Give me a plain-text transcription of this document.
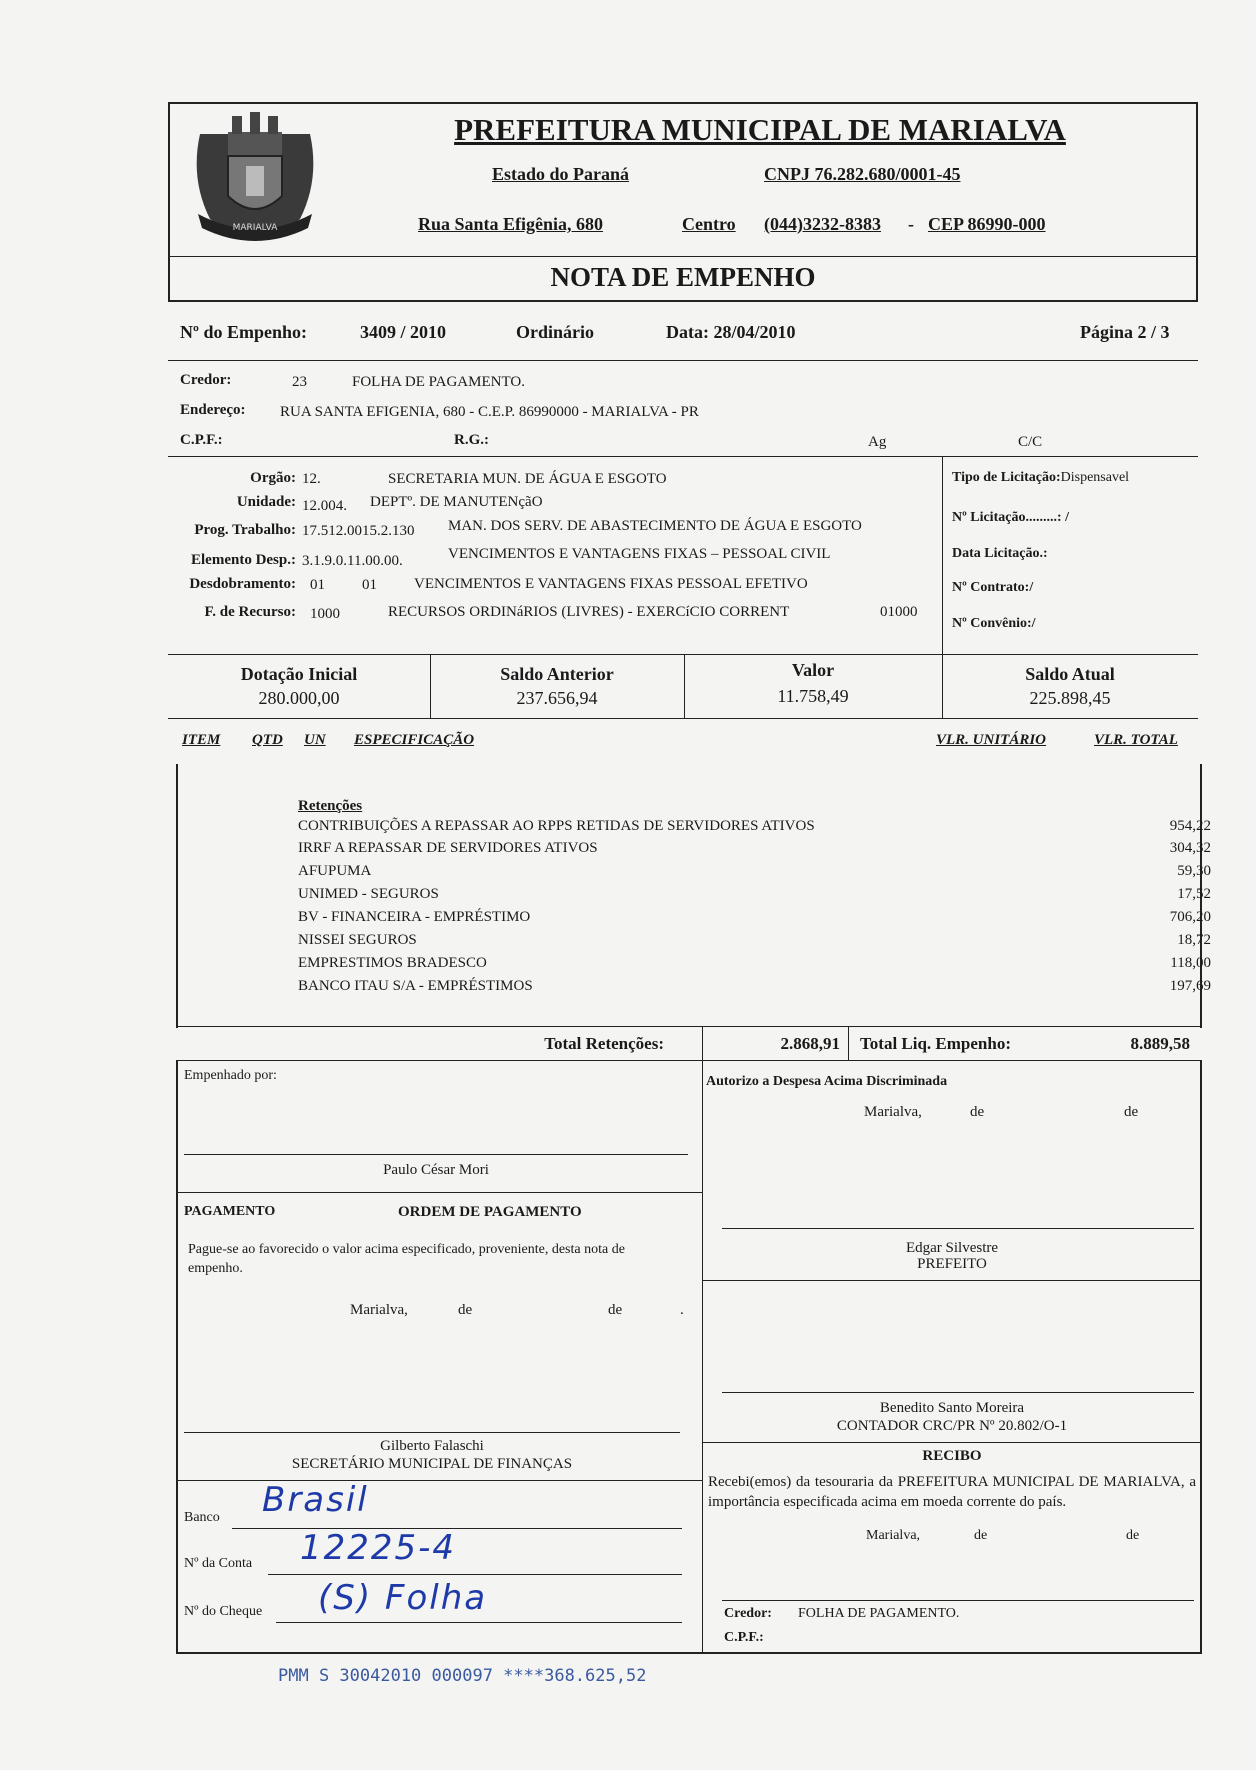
MARIALVA
PREFEITURA MUNICIPAL DE MARIALVA
Estado do Paraná	CNPJ 76.282.680/0001-45
Rua Santa Efigênia, 680	Centro (044)3232-8383 - CEP 86990-000
NOTA DE EMPENHO
Nº do Empenho:	3409 / 2010	Ordinário	Data: 28/04/2010	Página 2 / 3
Credor:	23	FOLHA DE PAGAMENTO.
Endereço: RUA SANTA EFIGENIA, 680 - C.E.P. 86990000 - MARIALVA - PR
C.P.F.:	R.G.:	Ag	C/C
Orgão: 12.	SECRETARIA MUN. DE ÁGUA E ESGOTO
Unidade: 12.004. DEPTº. DE MANUTENçãO
Prog. Trabalho: 17.512.0015.2.130 MAN. DOS SERV. DE ABASTECIMENTO DE ÁGUA E ESGOTO
Elemento Desp.: 3.1.9.0.11.00.00.	VENCIMENTOS E VANTAGENS FIXAS – PESSOAL CIVIL
Desdobramento: 01 01 VENCIMENTOS E VANTAGENS FIXAS PESSOAL EFETIVO
F. de Recurso: 1000	RECURSOS ORDINáRIOS (LIVRES) - EXERCíCIO CORRENT	01000
Tipo de Licitação:Dispensavel
Nº Licitação.........: /
Data Licitação.:
Nº Contrato:/
Nº Convênio:/
Dotação Inicial
280.000,00
Saldo Anterior
237.656,94
Valor
11.758,49
Saldo Atual
225.898,45
ITEM QTD UN ESPECIFICAÇÃO	VLR. UNITÁRIO	VLR. TOTAL
Retenções
CONTRIBUIÇÕES A REPASSAR AO RPPS RETIDAS DE SERVIDORES ATIVOS	954,22
IRRF A REPASSAR DE SERVIDORES ATIVOS	304,32
AFUPUMA	59,30
UNIMED - SEGUROS	17,52
BV - FINANCEIRA - EMPRÉSTIMO	706,20
NISSEI SEGUROS	18,72
EMPRESTIMOS BRADESCO	118,00
BANCO ITAU S/A - EMPRÉSTIMOS	197,69
Total Retenções:	2.868,91 Total Liq. Empenho:	8.889,58
Empenhado por:
Paulo César Mori
Autorizo a Despesa Acima Discriminada
Marialva,	de	de
PAGAMENTO	ORDEM DE PAGAMENTO
Pague-se ao favorecido o valor acima especificado, proveniente, desta nota de empenho.
Marialva,	de	de	.
Edgar Silvestre
PREFEITO
Benedito Santo Moreira
CONTADOR CRC/PR Nº 20.802/O-1
Gilberto Falaschi
SECRETÁRIO MUNICIPAL DE FINANÇAS	RECIBO
Recebi(emos) da tesouraria da PREFEITURA MUNICIPAL DE MARIALVA, a importância especificada acima em moeda corrente do país.
Marialva,	de	de
Credor: FOLHA DE PAGAMENTO.
C.P.F.:
Banco Brasil
Nº da Conta 12225-4
Nº do Cheque (S) Folha
PMM S 30042010 000097 ****368.625,52
